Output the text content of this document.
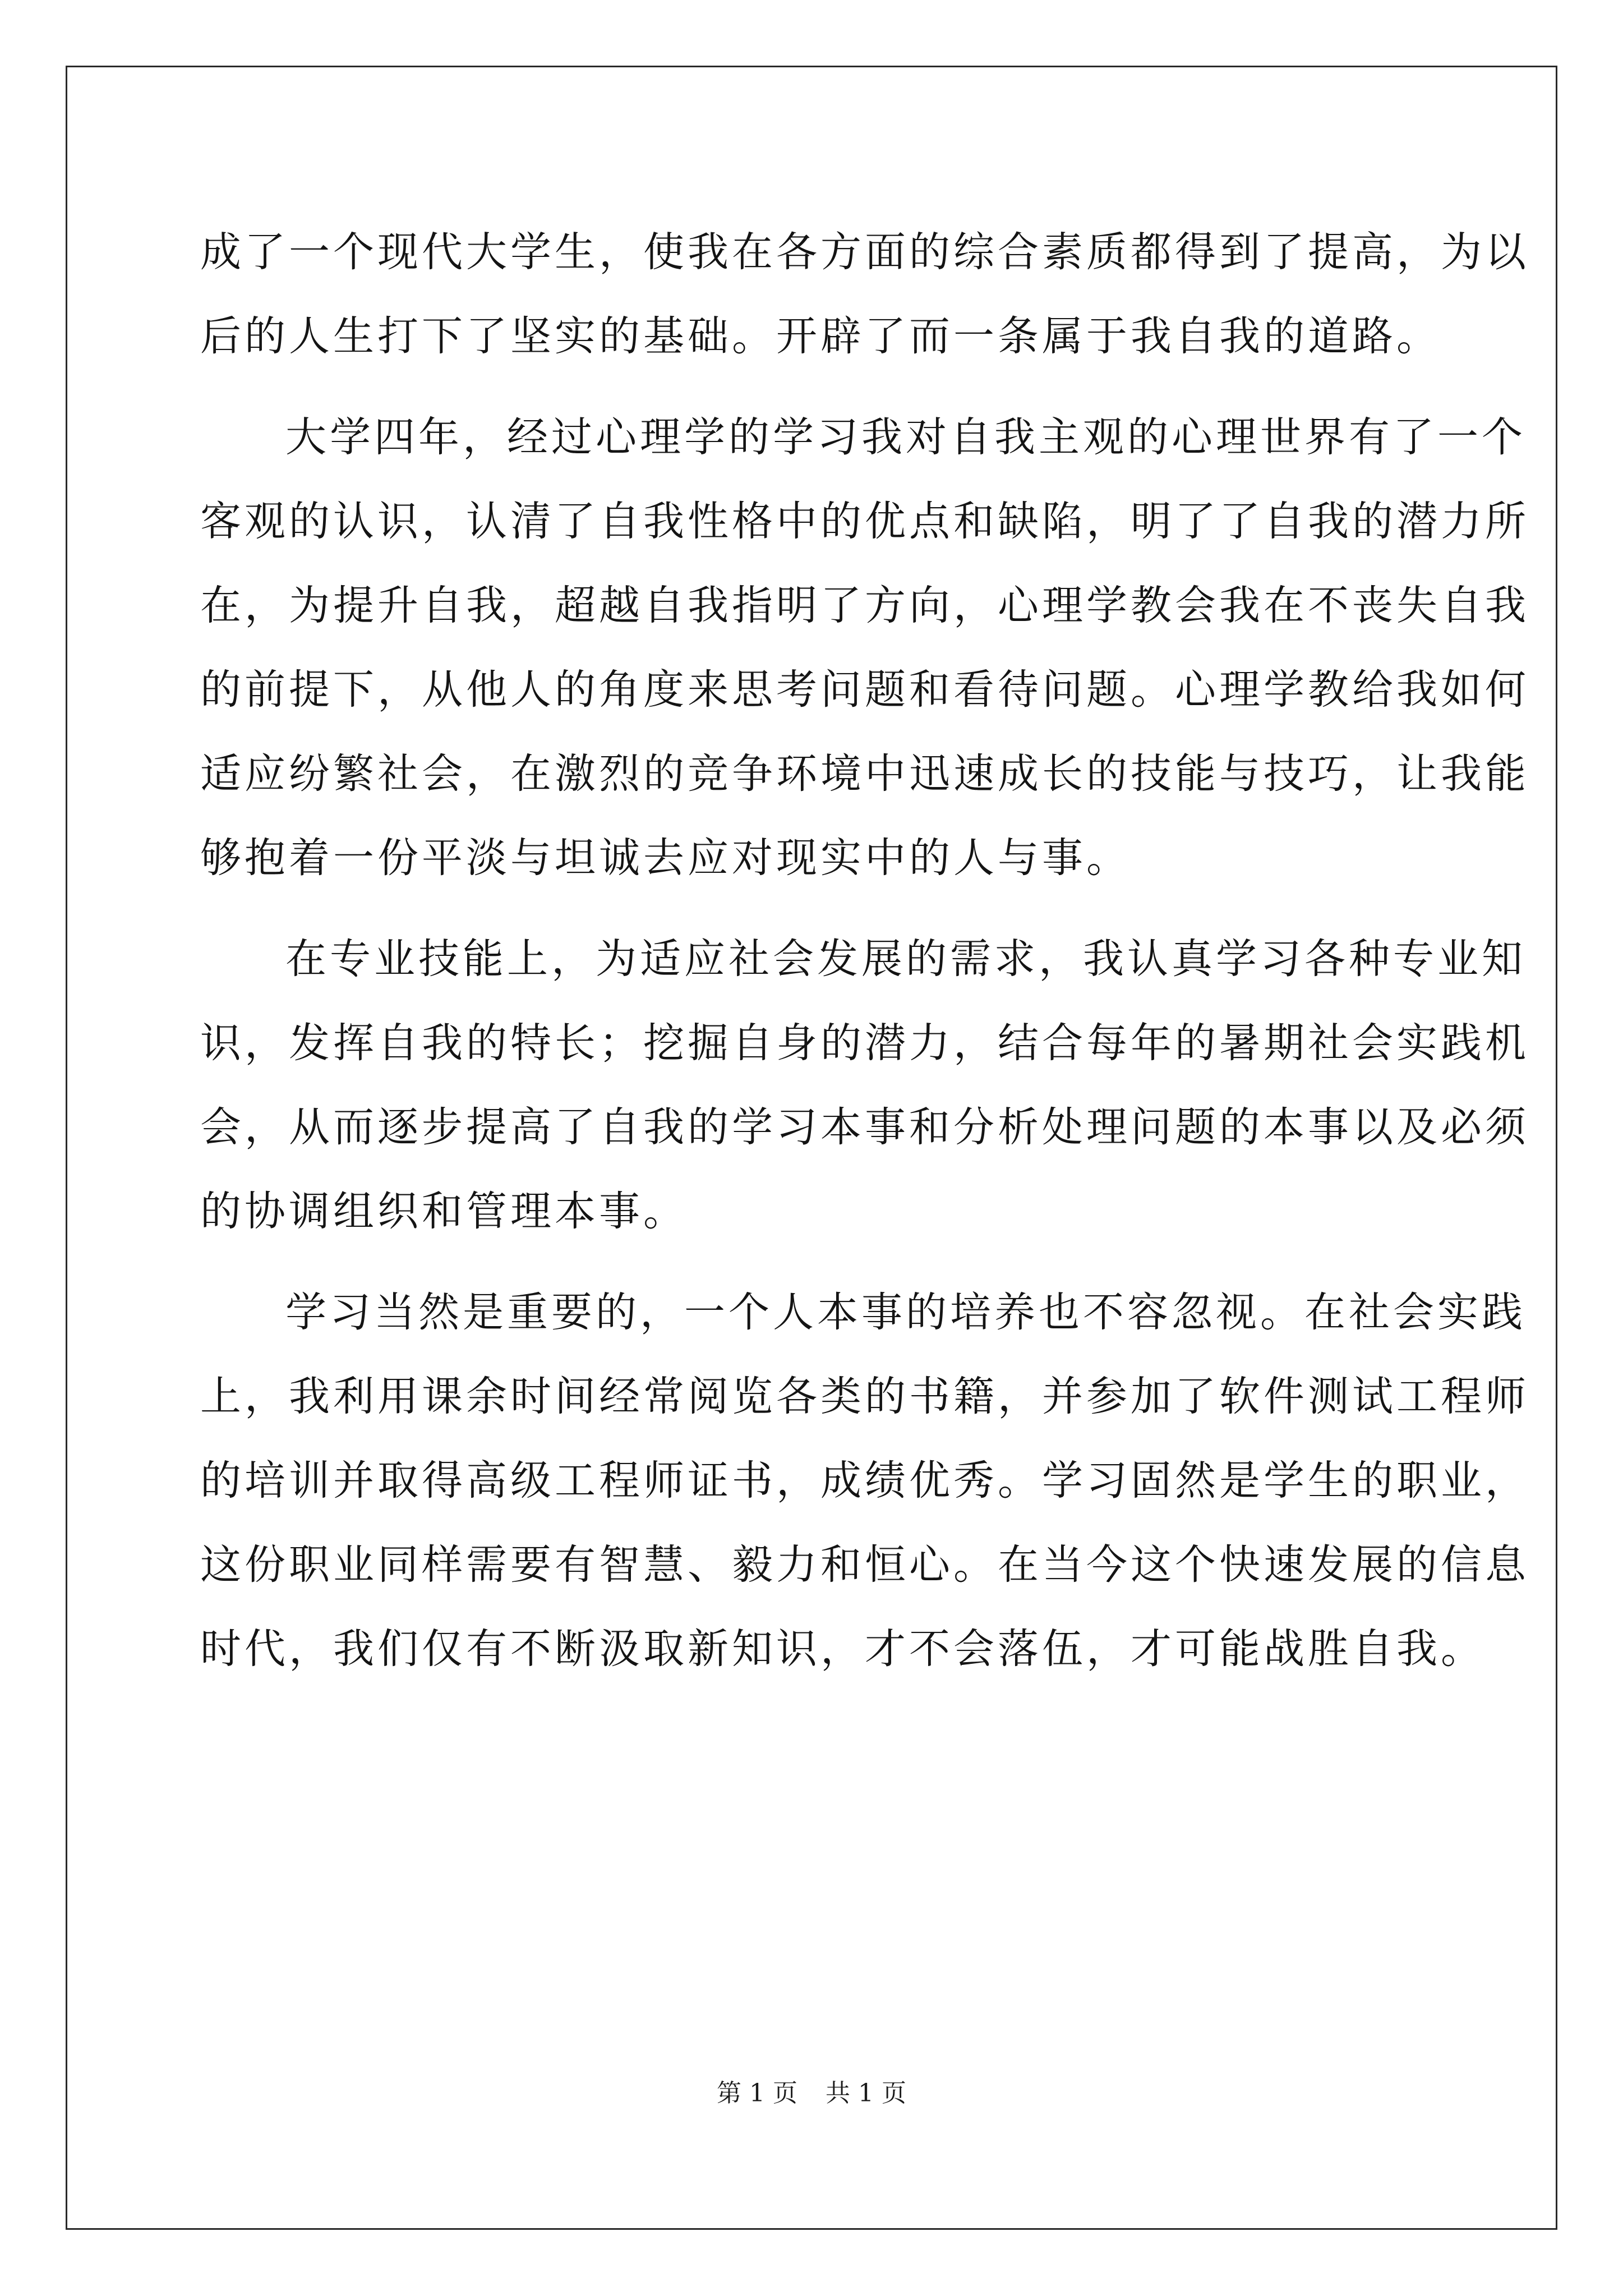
成了一个现代大学生，使我在各方面的综合素质都得到了提高，为以
后的人生打下了坚实的基础。开辟了而一条属于我自我的道路。
大学四年，经过心理学的学习我对自我主观的心理世界有了一个
客观的认识，认清了自我性格中的优点和缺陷，明了了自我的潜力所
在，为提升自我，超越自我指明了方向，心理学教会我在不丧失自我
的前提下，从他人的角度来思考问题和看待问题。心理学教给我如何
适应纷繁社会，在激烈的竞争环境中迅速成长的技能与技巧，让我能
够抱着一份平淡与坦诚去应对现实中的人与事。
在专业技能上，为适应社会发展的需求，我认真学习各种专业知
识，发挥自我的特长；挖掘自身的潜力，结合每年的暑期社会实践机
会，从而逐步提高了自我的学习本事和分析处理问题的本事以及必须
的协调组织和管理本事。
学习当然是重要的，一个人本事的培养也不容忽视。在社会实践
上，我利用课余时间经常阅览各类的书籍，并参加了软件测试工程师
的培训并取得高级工程师证书，成绩优秀。学习固然是学生的职业，
这份职业同样需要有智慧、毅力和恒心。在当今这个快速发展的信息
时代，我们仅有不断汲取新知识，才不会落伍，才可能战胜自我。
第 1 页 共 1 页
